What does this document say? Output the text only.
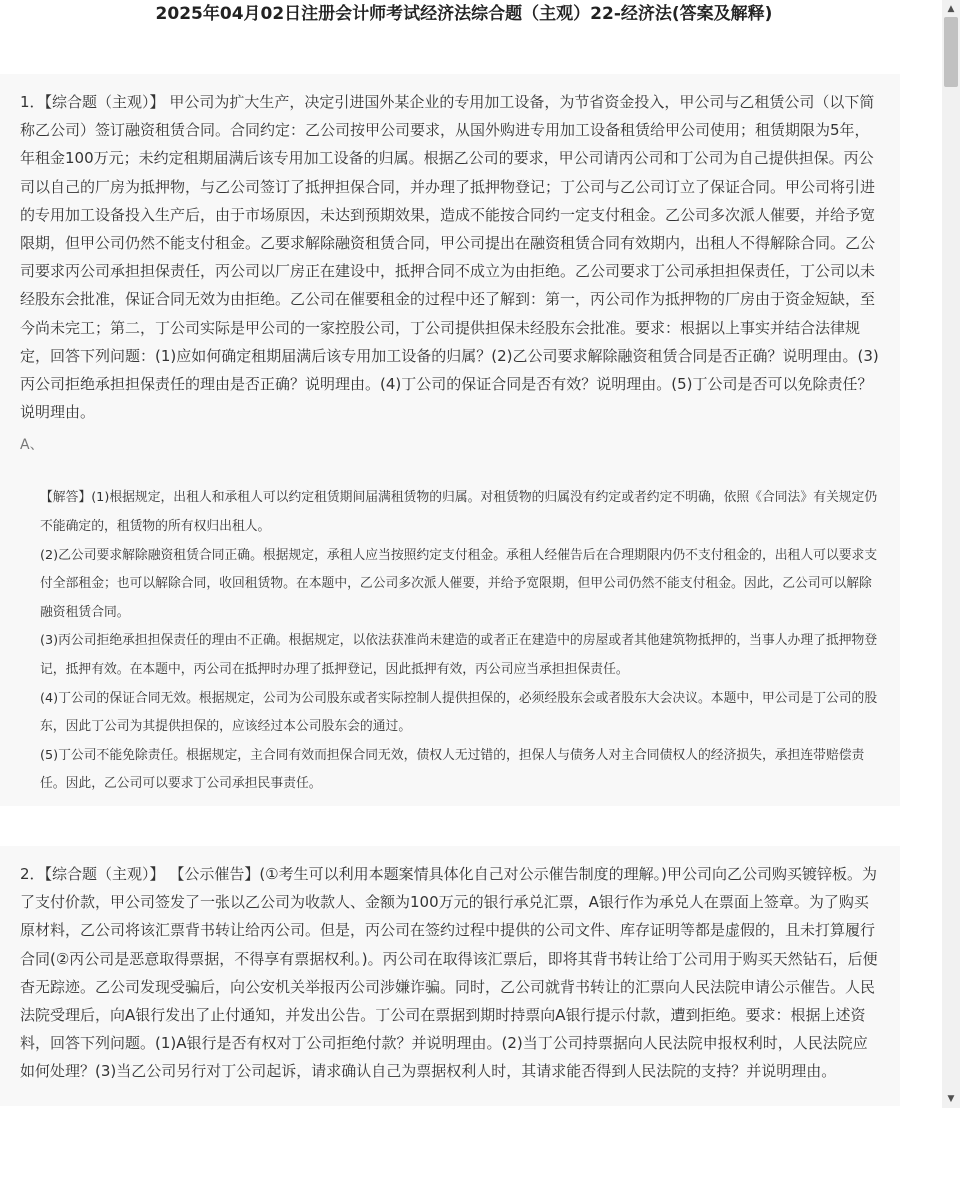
2025年04月02日注册会计师考试经济法综合题（主观）22-经济法(答案及解释)

1．【综合题（主观）】 甲公司为扩大生产，决定引进国外某企业的专用加工设备，为节省资金投入，甲公司与乙租赁公司（以下简称乙公司）签订融资租赁合同。合同约定：乙公司按甲公司要求，从国外购进专用加工设备租赁给甲公司使用；租赁期限为5年，年租金100万元；未约定租期届满后该专用加工设备的归属。根据乙公司的要求，甲公司请丙公司和丁公司为自己提供担保。丙公司以自己的厂房为抵押物，与乙公司签订了抵押担保合同，并办理了抵押物登记；丁公司与乙公司订立了保证合同。甲公司将引进的专用加工设备投入生产后，由于市场原因，未达到预期效果，造成不能按合同约一定支付租金。乙公司多次派人催要，并给予宽限期，但甲公司仍然不能支付租金。乙要求解除融资租赁合同，甲公司提出在融资租赁合同有效期内，出租人不得解除合同。乙公司要求丙公司承担担保责任，丙公司以厂房正在建设中，抵押合同不成立为由拒绝。乙公司要求丁公司承担担保责任，丁公司以未经股东会批准，保证合同无效为由拒绝。乙公司在催要租金的过程中还了解到：第一，丙公司作为抵押物的厂房由于资金短缺，至今尚未完工；第二，丁公司实际是甲公司的一家控股公司，丁公司提供担保未经股东会批准。要求：根据以上事实并结合法律规定，回答下列问题：(1)应如何确定租期届满后该专用加工设备的归属？(2)乙公司要求解除融资租赁合同是否正确？说明理由。(3)丙公司拒绝承担担保责任的理由是否正确？说明理由。(4)丁公司的保证合同是否有效？说明理由。(5)丁公司是否可以免除责任？说明理由。

A、

【解答】(1)根据规定，出租人和承租人可以约定租赁期间届满租赁物的归属。对租赁物的归属没有约定或者约定不明确，依照《合同法》有关规定仍不能确定的，租赁物的所有权归出租人。

(2)乙公司要求解除融资租赁合同正确。根据规定，承租人应当按照约定支付租金。承租人经催告后在合理期限内仍不支付租金的，出租人可以要求支付全部租金；也可以解除合同，收回租赁物。在本题中，乙公司多次派人催要，并给予宽限期，但甲公司仍然不能支付租金。因此，乙公司可以解除融资租赁合同。

(3)丙公司拒绝承担担保责任的理由不正确。根据规定，以依法获准尚未建造的或者正在建造中的房屋或者其他建筑物抵押的，当事人办理了抵押物登记，抵押有效。在本题中，丙公司在抵押时办理了抵押登记，因此抵押有效，丙公司应当承担担保责任。

(4)丁公司的保证合同无效。根据规定，公司为公司股东或者实际控制人提供担保的，必须经股东会或者股东大会决议。本题中，甲公司是丁公司的股东，因此丁公司为其提供担保的，应该经过本公司股东会的通过。

(5)丁公司不能免除责任。根据规定，主合同有效而担保合同无效，债权人无过错的，担保人与债务人对主合同债权人的经济损失，承担连带赔偿责任。因此，乙公司可以要求丁公司承担民事责任。

2．【综合题（主观）】 【公示催告】(①考生可以利用本题案情具体化自己对公示催告制度的理解。)甲公司向乙公司购买镀锌板。为了支付价款，甲公司签发了一张以乙公司为收款人、金额为100万元的银行承兑汇票，A银行作为承兑人在票面上签章。为了购买原材料，乙公司将该汇票背书转让给丙公司。但是，丙公司在签约过程中提供的公司文件、库存证明等都是虚假的，且未打算履行合同(②丙公司是恶意取得票据，不得享有票据权利。)。丙公司在取得该汇票后，即将其背书转让给丁公司用于购买天然钻石，后便杳无踪迹。乙公司发现受骗后，向公安机关举报丙公司涉嫌诈骗。同时，乙公司就背书转让的汇票向人民法院申请公示催告。人民法院受理后，向A银行发出了止付通知，并发出公告。丁公司在票据到期时持票向A银行提示付款，遭到拒绝。要求：根据上述资料，回答下列问题。(1)A银行是否有权对丁公司拒绝付款？并说明理由。(2)当丁公司持票据向人民法院申报权利时，人民法院应如何处理？(3)当乙公司另行对丁公司起诉，请求确认自己为票据权利人时，其请求能否得到人民法院的支持？并说明理由。

▲
▼
